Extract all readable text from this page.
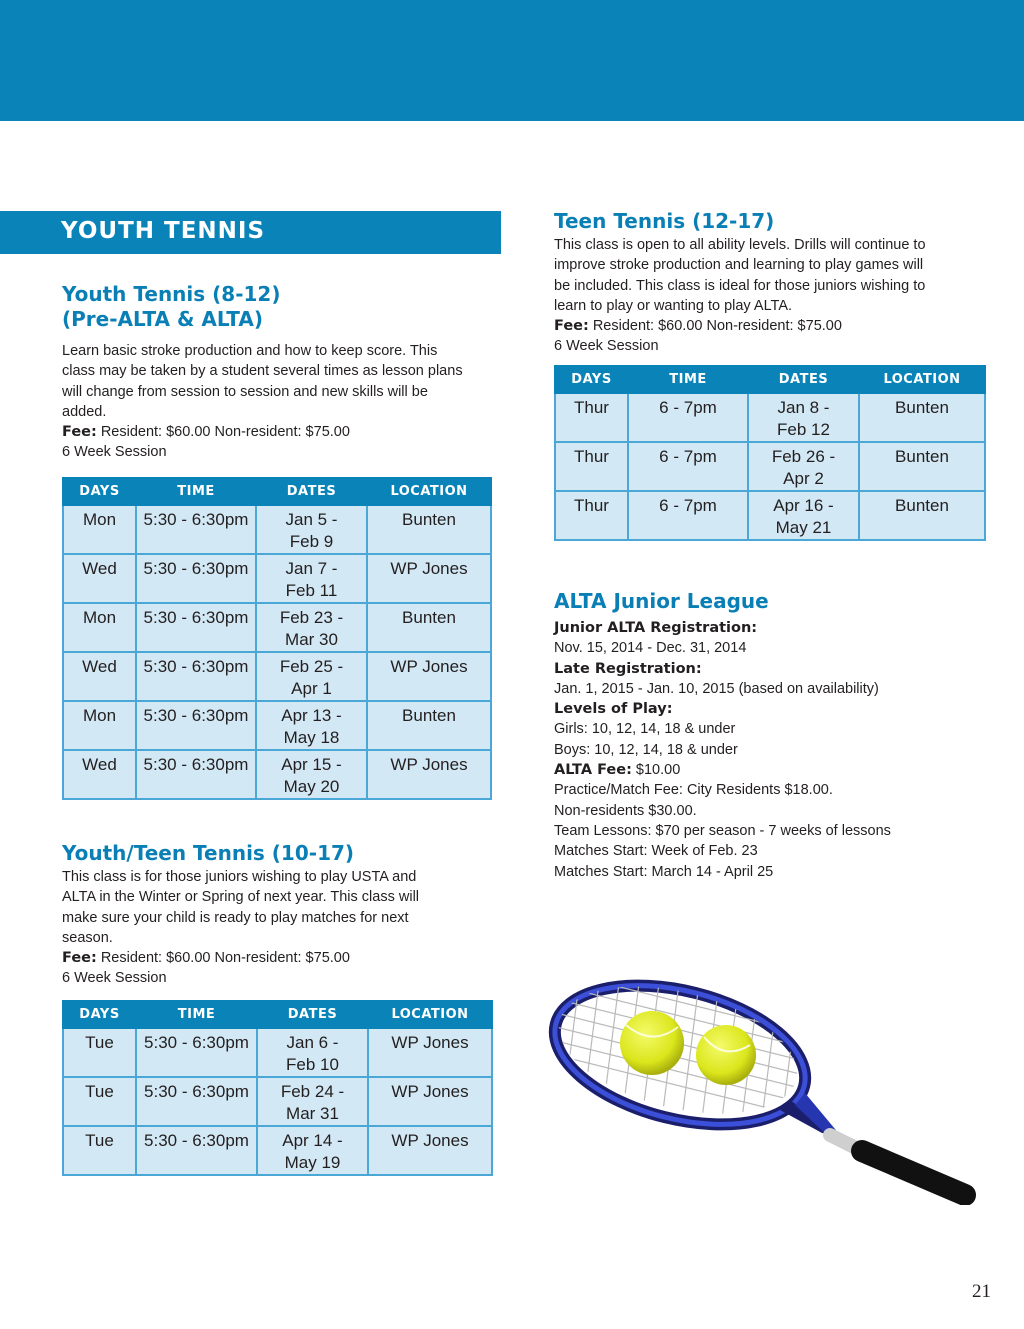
YOUTH TENNIS
Youth Tennis (8-12)
(Pre-ALTA & ALTA)
Learn basic stroke production and how to keep score. This
class may be taken by a student several times as lesson plans
will change from session to session and new skills will be
added.
Fee: Resident: $60.00 Non-resident: $75.00
6 Week Session
DAYS	TIME	DATES	LOCATION
Mon	5:30 - 6:30pm	Jan 5 -
Feb 9	Bunten
Wed	5:30 - 6:30pm	Jan 7 -
Feb 11	WP Jones
Mon	5:30 - 6:30pm	Feb 23 -
Mar 30	Bunten
Wed	5:30 - 6:30pm	Feb 25 -
Apr 1	WP Jones
Mon	5:30 - 6:30pm	Apr 13 -
May 18	Bunten
Wed	5:30 - 6:30pm	Apr 15 -
May 20	WP Jones
Youth/Teen Tennis (10-17)
This class is for those juniors wishing to play USTA and
ALTA in the Winter or Spring of next year. This class will
make sure your child is ready to play matches for next
season.
Fee: Resident: $60.00 Non-resident: $75.00
6 Week Session
DAYS	TIME	DATES	LOCATION
Tue	5:30 - 6:30pm	Jan 6 -
Feb 10	WP Jones
Tue	5:30 - 6:30pm	Feb 24 -
Mar 31	WP Jones
Tue	5:30 - 6:30pm	Apr 14 -
May 19	WP Jones
Teen Tennis (12-17)
This class is open to all ability levels. Drills will continue to
improve stroke production and learning to play games will
be included. This class is ideal for those juniors wishing to
learn to play or wanting to play ALTA.
Fee: Resident: $60.00 Non-resident: $75.00
6 Week Session
DAYS	TIME	DATES	LOCATION
Thur	6 - 7pm	Jan 8 -
Feb 12	Bunten
Thur	6 - 7pm	Feb 26 -
Apr 2	Bunten
Thur	6 - 7pm	Apr 16 -
May 21	Bunten
ALTA Junior League
Junior ALTA Registration:
Nov. 15, 2014 - Dec. 31, 2014
Late Registration:
Jan. 1, 2015 - Jan. 10, 2015 (based on availability)
Levels of Play:
Girls: 10, 12, 14, 18 & under
Boys: 10, 12, 14, 18 & under
ALTA Fee: $10.00
Practice/Match Fee: City Residents $18.00.
Non-residents $30.00.
Team Lessons: $70 per season - 7 weeks of lessons
Matches Start: Week of Feb. 23
Matches Start: March 14 - April 25
21
